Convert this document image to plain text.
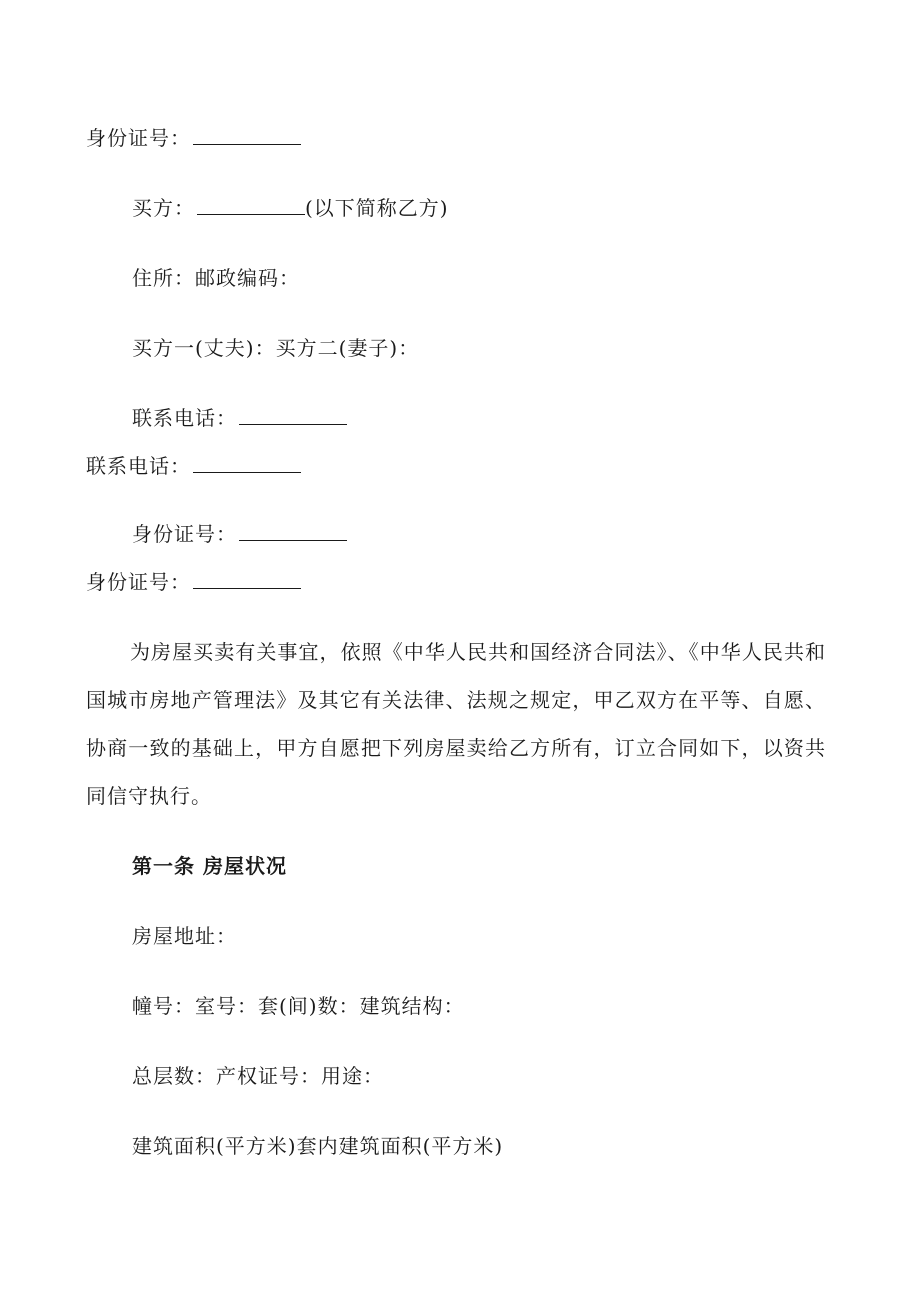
身份证号：
买方：	(以下简称乙方)
住所：邮政编码：
买方一(丈夫)：买方二(妻子)：
联系电话：
联系电话：
身份证号：
身份证号：
为房屋买卖有关事宜，依照《中华人民共和国经济合同法》、《中华人民共和国城市房地产管理法》及其它有关法律、法规之规定，甲乙双方在平等、自愿、协商一致的基础上，甲方自愿把下列房屋卖给乙方所有，订立合同如下，以资共同信守执行。
第一条 房屋状况
房屋地址：
幢号：室号：套(间)数：建筑结构：
总层数：产权证号：用途：
建筑面积(平方米)套内建筑面积(平方米)
